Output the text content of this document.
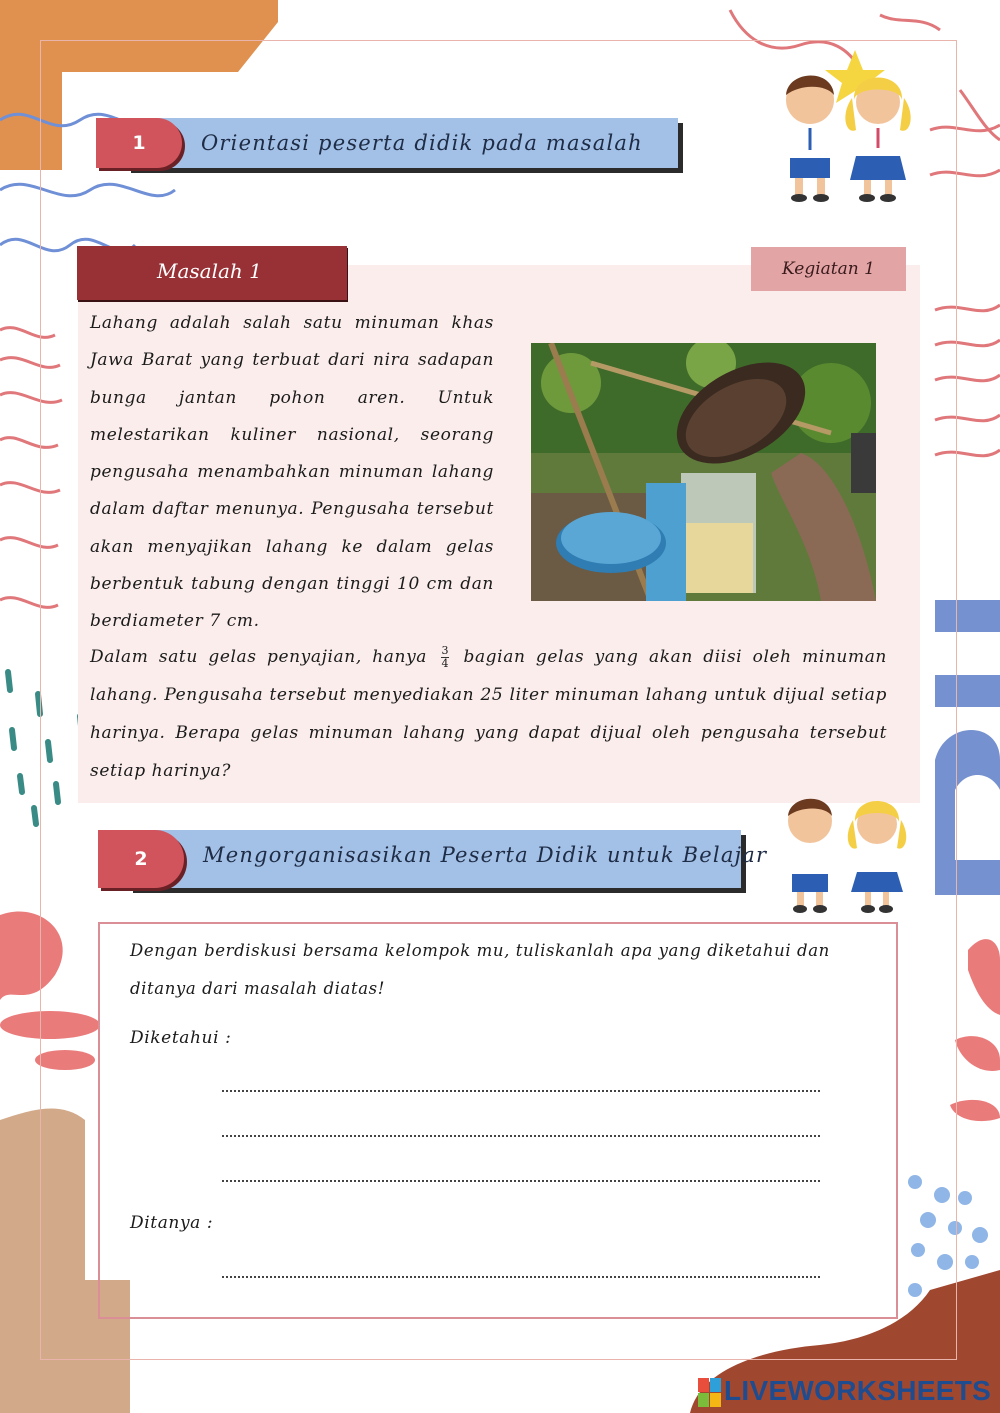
Orientasi peserta didik pada masalah
1
Masalah 1	Kegiatan 1
Lahang adalah salah satu minuman khas Jawa Barat yang terbuat dari nira sadapan bunga jantan pohon aren. Untuk melestarikan kuliner nasional, seorang pengusaha menambahkan minuman lahang dalam daftar menunya. Pengusaha tersebut akan menyajikan lahang ke dalam gelas berbentuk tabung dengan tinggi 10 cm dan berdiameter 7 cm.
Dalam satu gelas penyajian, hanya $\frac{3}{4}$ bagian gelas yang akan diisi oleh minuman lahang. Pengusaha tersebut menyediakan 25 liter minuman lahang untuk dijual setiap harinya. Berapa gelas minuman lahang yang dapat dijual oleh pengusaha tersebut setiap harinya?
Mengorganisasikan Peserta Didik untuk Belajar
2
Dengan berdiskusi bersama kelompok mu, tuliskanlah apa yang diketahui dan ditanya dari masalah diatas!
Diketahui :
Ditanya :
LIVEWORKSHEETS
